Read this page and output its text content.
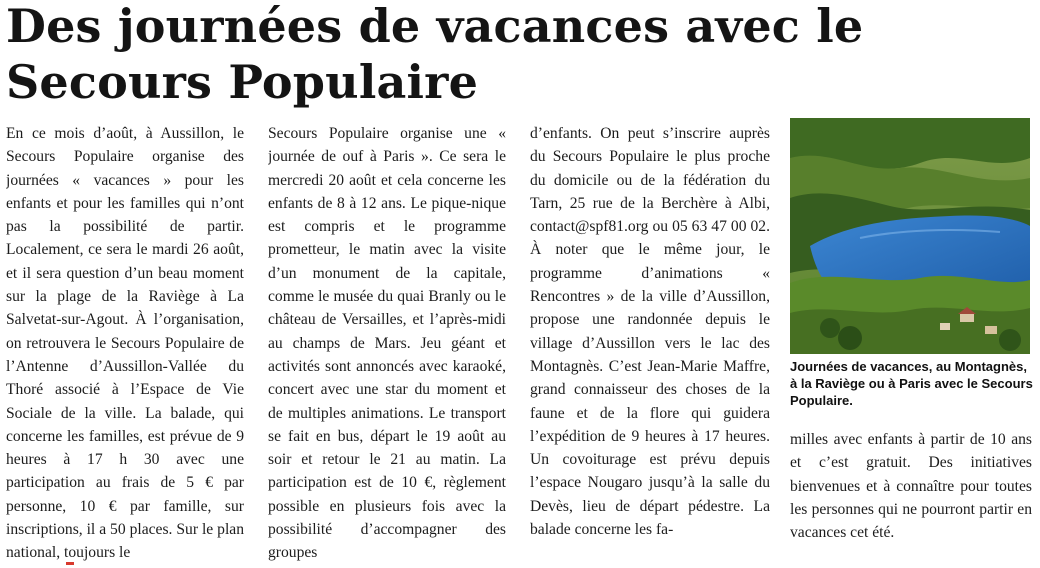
Des journées de vacances avec le Secours Populaire

En ce mois d’août, à Aussillon, le Secours Populaire organise des journées « vacances » pour les enfants et pour les familles qui n’ont pas la possibilité de partir. Localement, ce sera le mardi 26 août, et il sera question d’un beau moment sur la plage de la Raviège à La Salvetat-sur-Agout. À l’organisation, on retrouvera le Secours Populaire de l’Antenne d’Aussillon-Vallée du Thoré associé à l’Espace de Vie Sociale de la ville. La balade, qui concerne les familles, est prévue de 9 heures à 17 h 30 avec une participation au frais de 5 € par personne, 10 € par famille, sur inscriptions, il a 50 places. Sur le plan national, toujours le

Secours Populaire organise une « journée de ouf à Paris ». Ce sera le mercredi 20 août et cela concerne les enfants de 8 à 12 ans. Le pique-nique est compris et le programme prometteur, le matin avec la visite d’un monument de la capitale, comme le musée du quai Branly ou le château de Versailles, et l’après-midi au champs de Mars. Jeu géant et activités sont annoncés avec karaoké, concert avec une star du moment et de multiples animations. Le transport se fait en bus, départ le 19 août au soir et retour le 21 au matin. La participation est de 10 €, règlement possible en plusieurs fois avec la possibilité d’accompagner des groupes

d’enfants. On peut s’inscrire auprès du Secours Populaire le plus proche du domicile ou de la fédération du Tarn, 25 rue de la Berchère à Albi, contact@spf81.org ou 05 63 47 00 02. À noter que le même jour, le programme d’animations « Rencontres » de la ville d’Aussillon, propose une randonnée depuis le village d’Aussillon vers le lac des Montagnès. C’est Jean-Marie Maffre, grand connaisseur des choses de la faune et de la flore qui guidera l’expédition de 9 heures à 17 heures. Un covoiturage est prévu depuis l’espace Nougaro jusqu’à la salle du Devès, lieu de départ pédestre. La balade concerne les fa-

Journées de vacances, au Montagnès, à la Raviège ou à Paris avec le Secours Populaire.

milles avec enfants à partir de 10 ans et c’est gratuit. Des initiatives bienvenues et à connaître pour toutes les personnes qui ne pourront partir en vacances cet été.
